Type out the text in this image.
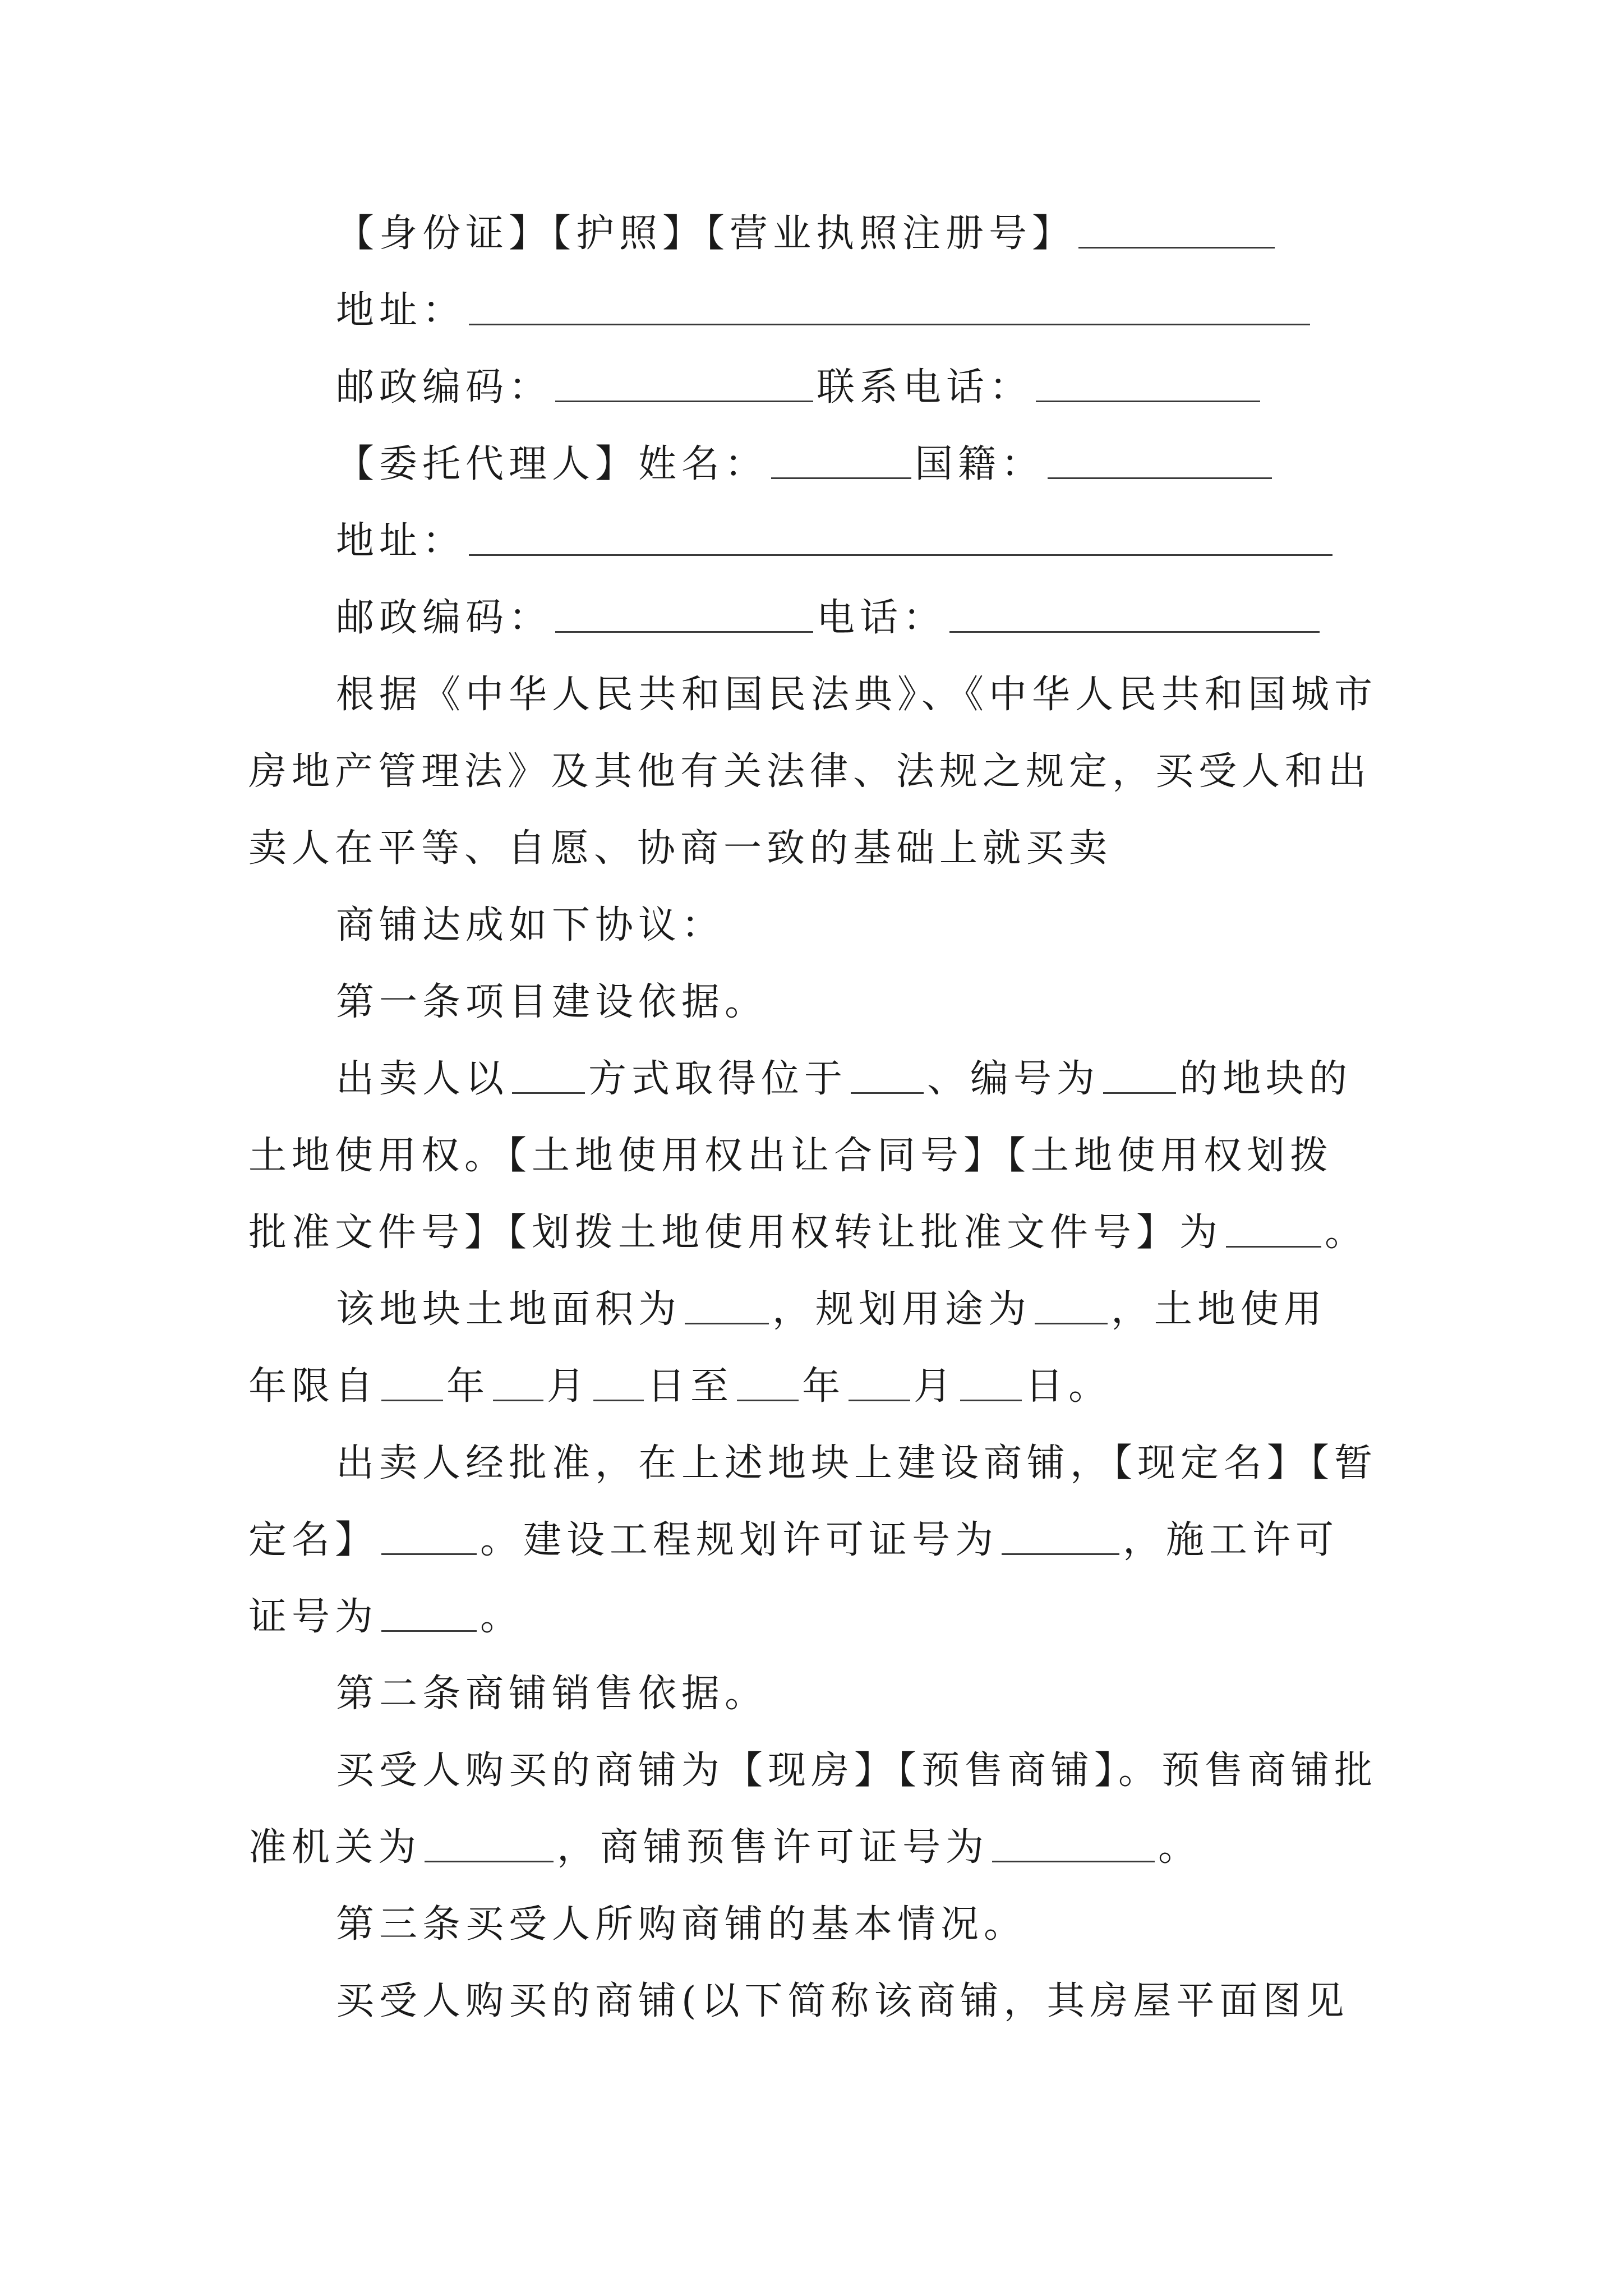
【身份证】【护照】【营业执照注册号】
地址：
邮政编码：	联系电话：
【委托代理人】姓名：	国籍：
地址：
邮政编码：	电话：
根据《中华人民共和国民法典》、《中华人民共和国城市
房地产管理法》及其他有关法律、法规之规定，买受人和出
卖人在平等、自愿、协商一致的基础上就买卖
商铺达成如下协议：
第一条项目建设依据。
出卖人以 方式取得位于 、编号为 的地块的
土地使用权。【土地使用权出让合同号】【土地使用权划拨
批准文件号】【划拨土地使用权转让批准文件号】为	。
该地块土地面积为 ，规划用途为 ，土地使用
年限自 年 月 日至 年 月 日。
出卖人经批准，在上述地块上建设商铺，【现定名】【暂
定名】	。建设工程规划许可证号为	，施工许可
证号为	。
第二条商铺销售依据。
买受人购买的商铺为【现房】【预售商铺】。预售商铺批
准机关为	，商铺预售许可证号为	。
第三条买受人所购商铺的基本情况。
买受人购买的商铺(以下简称该商铺，其房屋平面图见
